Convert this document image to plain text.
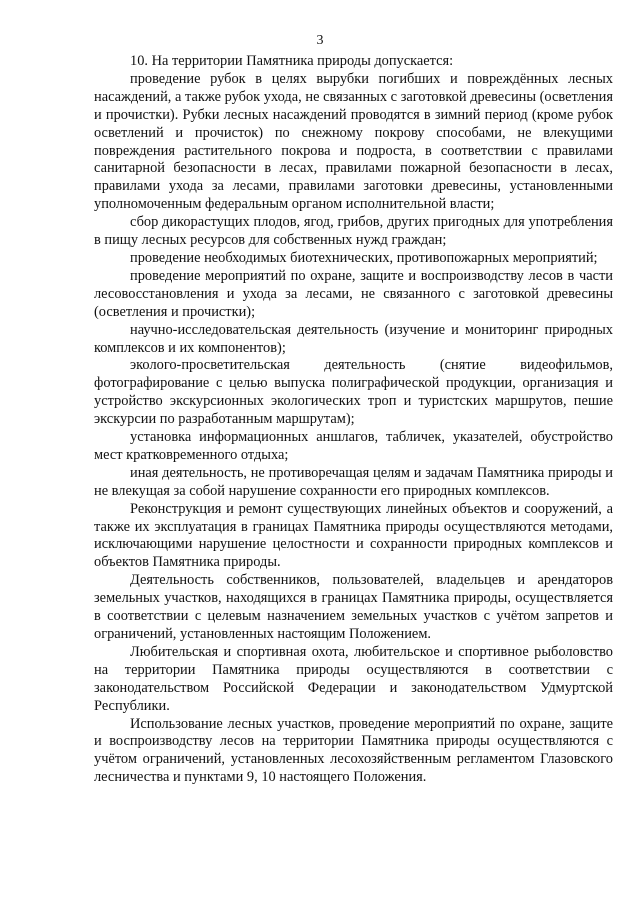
3

10. На территории Памятника природы допускается:

проведение рубок в целях вырубки погибших и повреждённых лесных насаждений, а также рубок ухода, не связанных с заготовкой древесины (осветления и прочистки). Рубки лесных насаждений проводятся в зимний период (кроме рубок осветлений и прочисток) по снежному покрову способами, не влекущими повреждения растительного покрова и подроста, в соответствии с правилами санитарной безопасности в лесах, правилами пожарной безопасности в лесах, правилами ухода за лесами, правилами заготовки древесины, установленными уполномоченным федеральным органом исполнительной власти;

сбор дикорастущих плодов, ягод, грибов, других пригодных для употребления в пищу лесных ресурсов для собственных нужд граждан;

проведение необходимых биотехнических, противопожарных мероприятий;

проведение мероприятий по охране, защите и воспроизводству лесов в части лесовосстановления и ухода за лесами, не связанного с заготовкой древесины (осветления и прочистки);

научно-исследовательская деятельность (изучение и мониторинг природных комплексов и их компонентов);

эколого-просветительская деятельность (снятие видеофильмов, фотографирование с целью выпуска полиграфической продукции, организация и устройство экскурсионных экологических троп и туристских маршрутов, пешие экскурсии по разработанным маршрутам);

установка информационных аншлагов, табличек, указателей, обустройство мест кратковременного отдыха;

иная деятельность, не противоречащая целям и задачам Памятника природы и не влекущая за собой нарушение сохранности его природных комплексов.

Реконструкция и ремонт существующих линейных объектов и сооружений, а также их эксплуатация в границах Памятника природы осуществляются методами, исключающими нарушение целостности и сохранности природных комплексов и объектов Памятника природы.

Деятельность собственников, пользователей, владельцев и арендаторов земельных участков, находящихся в границах Памятника природы, осуществляется в соответствии с целевым назначением земельных участков с учётом запретов и ограничений, установленных настоящим Положением.

Любительская и спортивная охота, любительское и спортивное рыболовство на территории Памятника природы осуществляются в соответствии с законодательством Российской Федерации и законодательством Удмуртской Республики.

Использование лесных участков, проведение мероприятий по охране, защите и воспроизводству лесов на территории Памятника природы осуществляются с учётом ограничений, установленных лесохозяйственным регламентом Глазовского лесничества и пунктами 9, 10 настоящего Положения.
